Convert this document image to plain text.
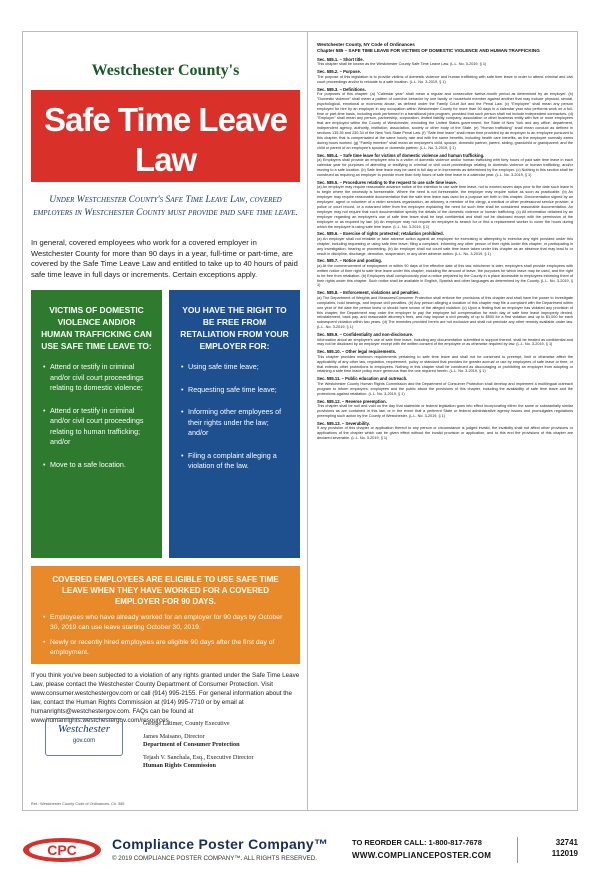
Westchester County's
Safe Time Leave Law
Effective October 30, 2019
Under Westchester County's Safe Time Leave Law, covered employers in Westchester County must provide paid safe time leave.
In general, covered employees who work for a covered employer in Westchester County for more than 90 days in a year, full-time or part-time, are covered by the Safe Time Leave Law and entitled to take up to 40 hours of paid safe time leave in full days or increments. Certain exceptions apply.
VICTIMS OF DOMESTIC VIOLENCE AND/OR HUMAN TRAFFICKING CAN USE SAFE TIME LEAVE TO:
• Attend or testify in criminal and/or civil court proceedings relating to domestic violence;
• Attend or testify in criminal and/or civil court proceedings relating to human trafficking; and/or
• Move to a safe location.
YOU HAVE THE RIGHT TO BE FREE FROM RETALIATION FROM YOUR EMPLOYER FOR:
• Using safe time leave;
• Requesting safe time leave;
• Informing other employees of their rights under the law; and/or
• Filing a complaint alleging a violation of the law.
COVERED EMPLOYEES ARE ELIGIBLE TO USE SAFE TIME LEAVE WHEN THEY HAVE WORKED FOR A COVERED EMPLOYER FOR 90 DAYS.
• Employees who have already worked for an employer for 90 days by October 30, 2019 can use leave starting October 30, 2019.
• Newly or recently hired employees are eligible 90 days after the first day of employment.
If you think you've been subjected to a violation of any rights granted under the Safe Time Leave Law, please contact the Westchester County Department of Consumer Protection. Visit www.consumer.westchestergov.com or call (914) 995-2155. For general information about the law, contact the Human Rights Commission at (914) 995-7710 or by email at humanrights@westchestergov.com. FAQs can be found at www.humanrights.westchestergov.com/resources.
Westchester
gov.com
George Latimer, County Executive
James Maisano, Director
Department of Consumer Protection
Tejash V. Sanchala, Esq., Executive Director
Human Rights Commission
Ref.: Westchester County Code of Ordinances, Ch. 585
Westchester County, NY Code of Ordinances
Chapter 585 – SAFE TIME LEAVE FOR VICTIMS OF DOMESTIC VIOLENCE AND HUMAN TRAFFICKING
Sec. 585.1. – Short title.
This chapter shall be known as the Westchester County Safe Time Leave Law. (L.L. No. 3-2019, § 1)
Sec. 585.2. – Purpose.
The purpose of this legislation is to provide victims of domestic violence and human trafficking with safe time leave in order to attend criminal and civil court proceedings and/or to relocate to a safe location. (L.L. No. 3-2019, § 1)
Sec. 585.3. – Definitions.
For purposes of this chapter: (a) "Calendar year" shall mean a regular and consecutive twelve-month period as determined by an employer. (b) "Domestic violence" shall mean a pattern of coercive behavior by one family or household member against another that may include physical, sexual, psychological, emotional or economic abuse, as defined under the Family Court Act and the Penal Law. (c) "Employee" shall mean any person employed for hire by an employer in any occupation within Westchester County for more than 90 days in a calendar year who performs work on a full-time or part-time basis, including work performed in a transitional jobs program, provided that such person shall not include independent contractors. (d) "Employer" shall mean any person, partnership, corporation, limited liability company, association or other business entity with five or more employees that are employed within the County of Westchester, excluding the United States government, the State of New York and any office, department, independent agency, authority, institution, association, society or other body of the State. (e) "Human trafficking" shall mean conduct as defined in sections 135.35 and 230.34 of the New York State Penal Law. (f) "Safe time leave" shall mean time provided by an employer to an employee pursuant to this chapter, that is compensated at the same hourly rate and with the same benefits, including health care benefits, as the employee normally earns during hours worked. (g) "Family member" shall mean an employee's child, spouse, domestic partner, parent, sibling, grandchild or grandparent; and the child or parent of an employee's spouse or domestic partner. (L.L. No. 3-2019, § 1)
Sec. 585.4. – Safe time leave for victims of domestic violence and human trafficking.
(a) Employers shall provide an employee who is a victim of domestic violence and/or human trafficking with forty hours of paid safe time leave in each calendar year for purposes of attending or testifying in criminal or civil court proceedings relating to domestic violence or human trafficking, and/or moving to a safe location. (b) Safe time leave may be used in full day or in increments as determined by the employer. (c) Nothing in this section shall be construed as requiring an employer to provide more than forty hours of safe time leave in a calendar year. (L.L. No. 3-2019, § 1)
Sec. 585.5. – Procedures relating to the request to use safe time leave.
(a) An employer may require reasonable advance notice of the intention to use safe time leave, not to exceed seven days prior to the date such leave is to begin where the necessity is foreseeable. Where the need is not foreseeable, the employer may require notice as soon as practicable. (b) An employer may require reasonable documentation that the safe time leave was used for a purpose set forth in this chapter. Documentation signed by an employee, agent or volunteer of a victim services organization, an attorney, a member of the clergy, a medical or other professional service provider, a police or court record, or a notarized letter from the employee explaining the need for such time shall be considered reasonable documentation. An employer may not require that such documentation specify the details of the domestic violence or human trafficking. (c) All information obtained by an employer regarding an employee's use of safe time leave shall be kept confidential and shall not be disclosed except with the permission of the employee or as required by law. (d) An employer may not require an employee to search for or find a replacement worker to cover the hours during which the employee is using safe time leave. (L.L. No. 3-2019, § 1)
Sec. 585.6. – Exercise of rights protected; retaliation prohibited.
(a) An employer shall not retaliate or take adverse action against an employee for exercising or attempting to exercise any right provided under this chapter, including requesting or using safe time leave, filing a complaint, informing any other person of their rights under this chapter, or participating in any investigation, hearing or proceeding. (b) An employer shall not count safe time leave taken under this chapter as an absence that may lead to or result in discipline, discharge, demotion, suspension, or any other adverse action. (L.L. No. 3-2019, § 1)
Sec. 585.7. – Notice and posting.
(a) At the commencement of employment or within 90 days of the effective date of this law, whichever is later, employers shall provide employees with written notice of their right to safe time leave under this chapter, including the amount of leave, the purposes for which leave may be used, and the right to be free from retaliation. (b) Employers shall conspicuously post a notice prepared by the County in a place accessible to employees informing them of their rights under this chapter. Such notice shall be available in English, Spanish and other languages as determined by the County. (L.L. No. 3-2019, § 1)
Sec. 585.8. – Enforcement, violations and penalties.
(a) The Department of Weights and Measures/Consumer Protection shall enforce the provisions of this chapter and shall have the power to investigate complaints, hold hearings, and impose civil penalties. (b) Any person alleging a violation of this chapter may file a complaint with the Department within one year of the date the person knew or should have known of the alleged violation. (c) Upon a finding that an employer has violated any provision of this chapter, the Department may order the employer to pay the employee full compensation for each day of safe time leave improperly denied, reinstatement, back pay, and reasonable attorney's fees, and may impose a civil penalty of up to $500 for a first violation and up to $1,000 for each subsequent violation within two years. (d) The remedies provided herein are not exclusive and shall not preclude any other remedy available under law. (L.L. No. 3-2019, § 1)
Sec. 585.9. – Confidentiality and non-disclosure.
Information about an employee's use of safe time leave, including any documentation submitted in support thereof, shall be treated as confidential and may not be disclosed by an employer except with the written consent of the employee or as otherwise required by law. (L.L. No. 3-2019, § 1)
Sec. 585.10. – Other legal requirements.
This chapter provides minimum requirements pertaining to safe time leave and shall not be construed to preempt, limit or otherwise affect the applicability of any other law, regulation, requirement, policy or standard that provides for greater accrual or use by employees of safe leave or time, or that extends other protections to employees. Nothing in this chapter shall be construed as discouraging or prohibiting an employer from adopting or retaining a safe time leave policy more generous than the one required herein. (L.L. No. 3-2019, § 1)
Sec. 585.11. – Public education and outreach.
The Westchester County Human Rights Commission and the Department of Consumer Protection shall develop and implement a multilingual outreach program to inform employers, employees and the public about the provisions of this chapter, including the availability of safe time leave and the protections against retaliation. (L.L. No. 3-2019, § 1)
Sec. 585.12. – Reverse preemption.
This chapter shall be null and void on the day that statewide or federal legislation goes into effect incorporating either the same or substantially similar provisions as are contained in this law, or in the event that a pertinent State or federal administrative agency issues and promulgates regulations preempting such action by the County of Westchester. (L.L. No. 3-2019, § 1)
Sec. 585.13. – Severability.
If any provision of this chapter or application thereof to any person or circumstance is judged invalid, the invalidity shall not affect other provisions or applications of the chapter which can be given effect without the invalid provision or application, and to this end the provisions of this chapter are declared severable. (L.L. No. 3-2019, § 1)
CPC	Compliance Poster Company™
© 2019 COMPLIANCE POSTER COMPANY™. ALL RIGHTS RESERVED.
TO REORDER CALL: 1-800-817-7678
WWW.COMPLIANCEPOSTER.COM
32741
112019
